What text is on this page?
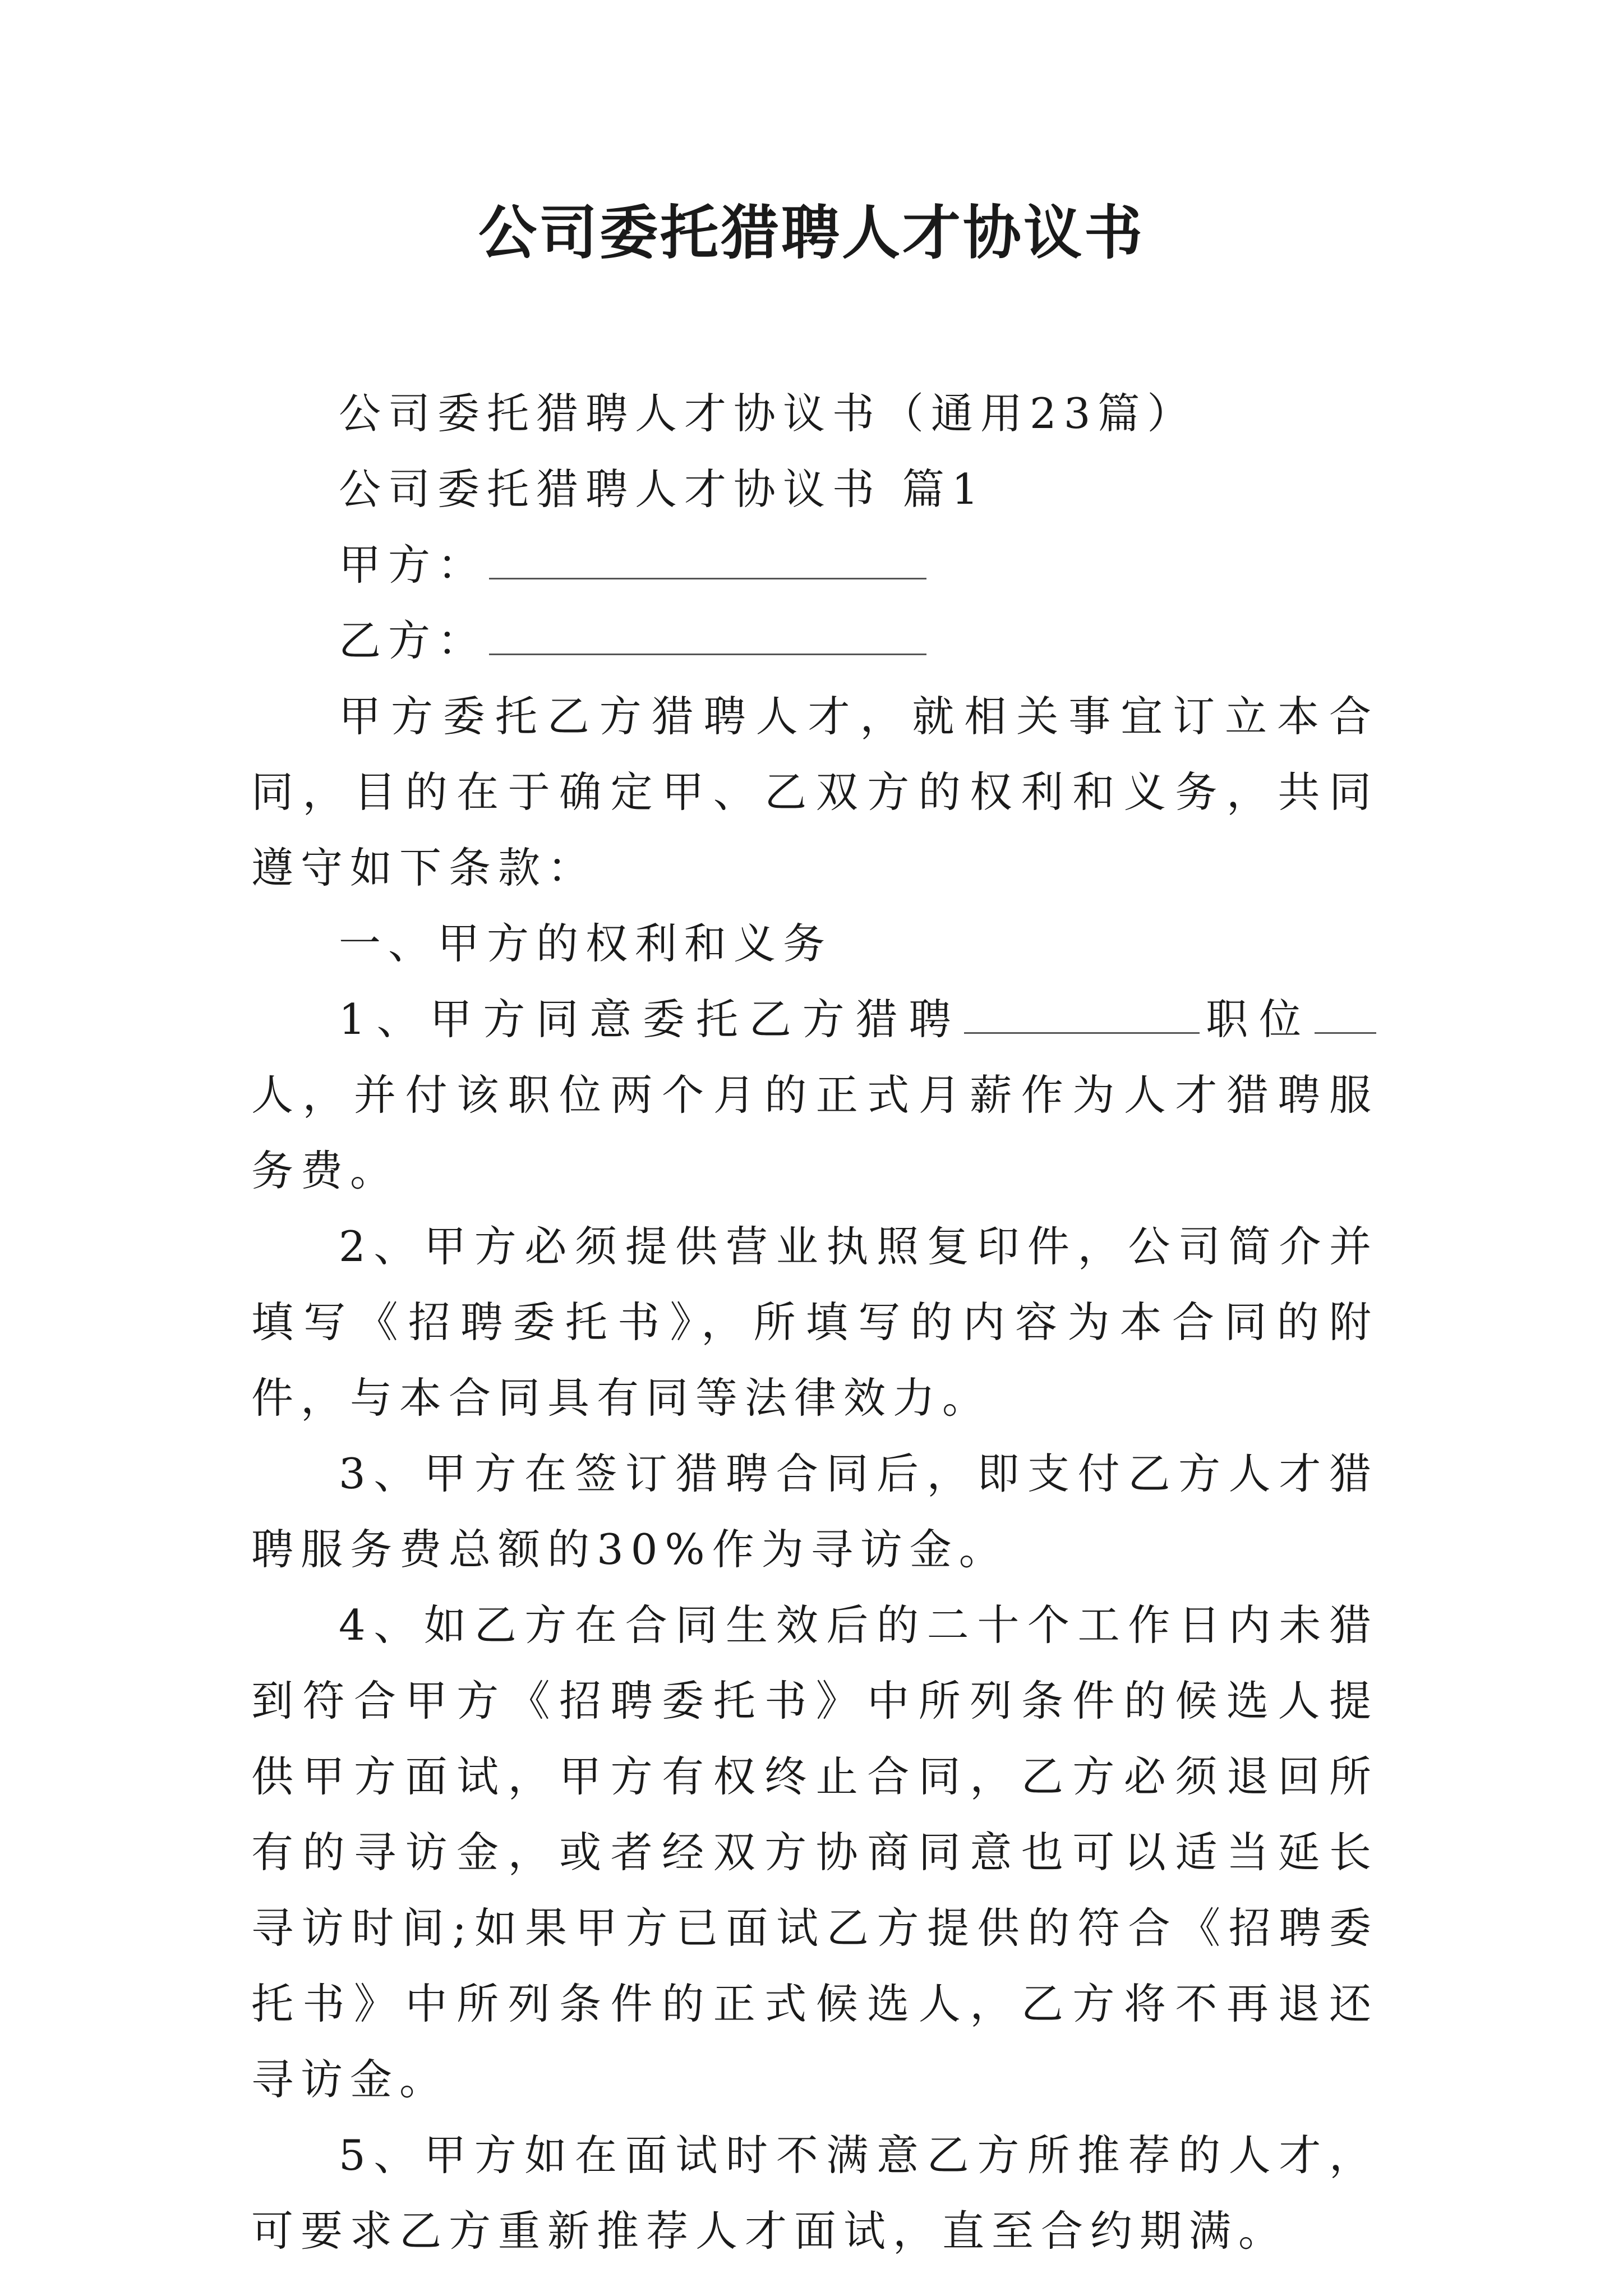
公司委托猎聘人才协议书

公司委托猎聘人才协议书（通用23篇）

公司委托猎聘人才协议书 篇1

甲方：

乙方：

甲方委托乙方猎聘人才，就相关事宜订立本合同，目的在于确定甲、乙双方的权利和义务，共同遵守如下条款：

一、甲方的权利和义务

1、甲方同意委托乙方猎聘	职位人，并付该职位两个月的正式月薪作为人才猎聘服务费。

2、甲方必须提供营业执照复印件，公司简介并填写《招聘委托书》，所填写的内容为本合同的附件，与本合同具有同等法律效力。

3、甲方在签订猎聘合同后，即支付乙方人才猎聘服务费总额的30%作为寻访金。

4、如乙方在合同生效后的二十个工作日内未猎到符合甲方《招聘委托书》中所列条件的候选人提供甲方面试，甲方有权终止合同，乙方必须退回所有的寻访金，或者经双方协商同意也可以适当延长寻访时间;如果甲方已面试乙方提供的符合《招聘委托书》中所列条件的正式候选人，乙方将不再退还寻访金。

5、甲方如在面试时不满意乙方所推荐的人才，可要求乙方重新推荐人才面试，直至合约期满。
